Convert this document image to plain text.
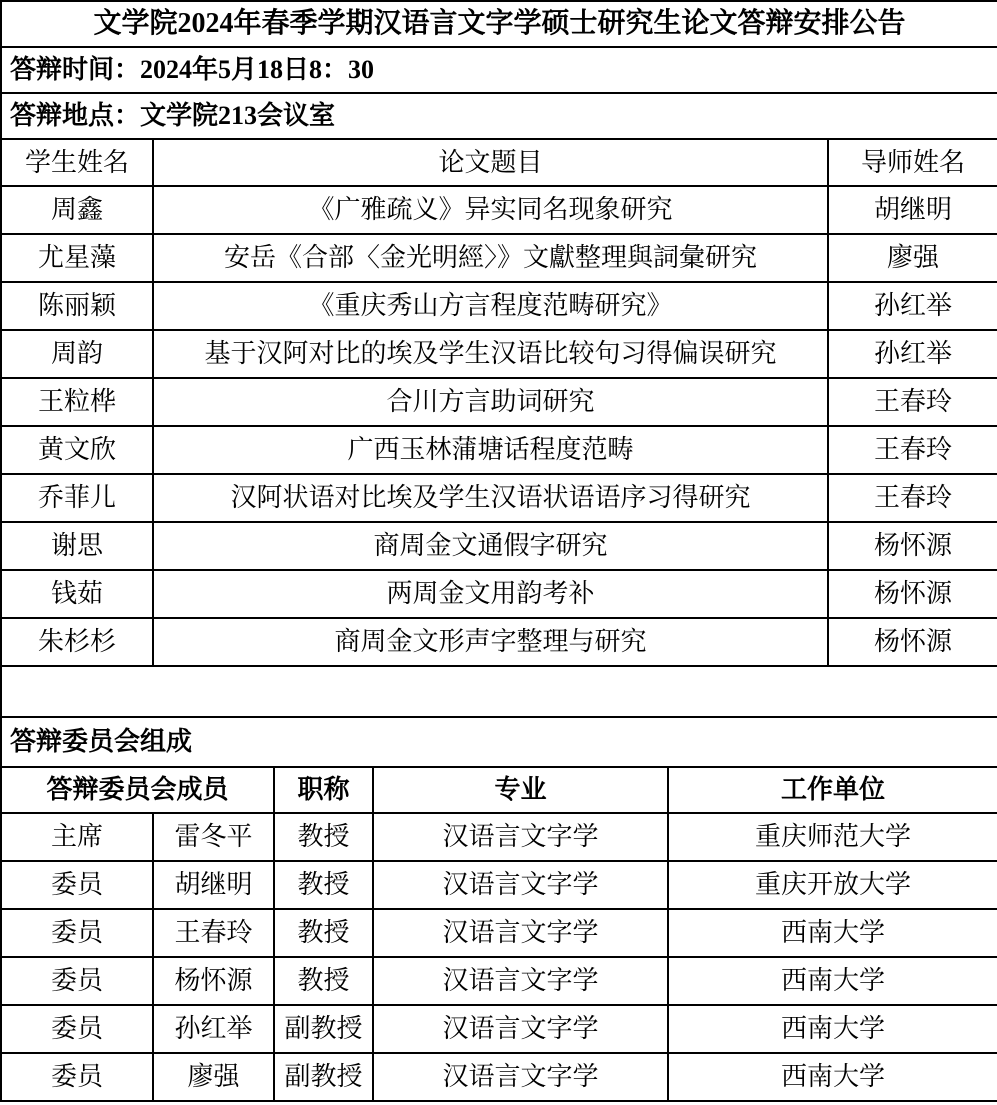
文学院2024年春季学期汉语言文字学硕士研究生论文答辩安排公告					
答辩时间：2024年5月18日8：30					
答辩地点：文学院213会议室					
学生姓名	论文题目				导师姓名
周鑫	《广雅疏义》异实同名现象研究				胡继明
尤星藻	安岳《合部〈金光明經〉》文獻整理與詞彙研究				廖强
陈丽颖	《重庆秀山方言程度范畴研究》				孙红举
周韵	基于汉阿对比的埃及学生汉语比较句习得偏误研究				孙红举
王粒桦	合川方言助词研究				王春玲
黄文欣	广西玉林蒲塘话程度范畴				王春玲
乔菲儿	汉阿状语对比埃及学生汉语状语语序习得研究				王春玲
谢思	商周金文通假字研究				杨怀源
钱茹	两周金文用韵考补				杨怀源
朱杉杉	商周金文形声字整理与研究				杨怀源

答辩委员会组成					
答辩委员会成员		职称	专业	工作单位	
主席	雷冬平	教授	汉语言文字学	重庆师范大学	
委员	胡继明	教授	汉语言文字学	重庆开放大学	
委员	王春玲	教授	汉语言文字学	西南大学	
委员	杨怀源	教授	汉语言文字学	西南大学	
委员	孙红举	副教授	汉语言文字学	西南大学	
委员	廖强	副教授	汉语言文字学	西南大学	
